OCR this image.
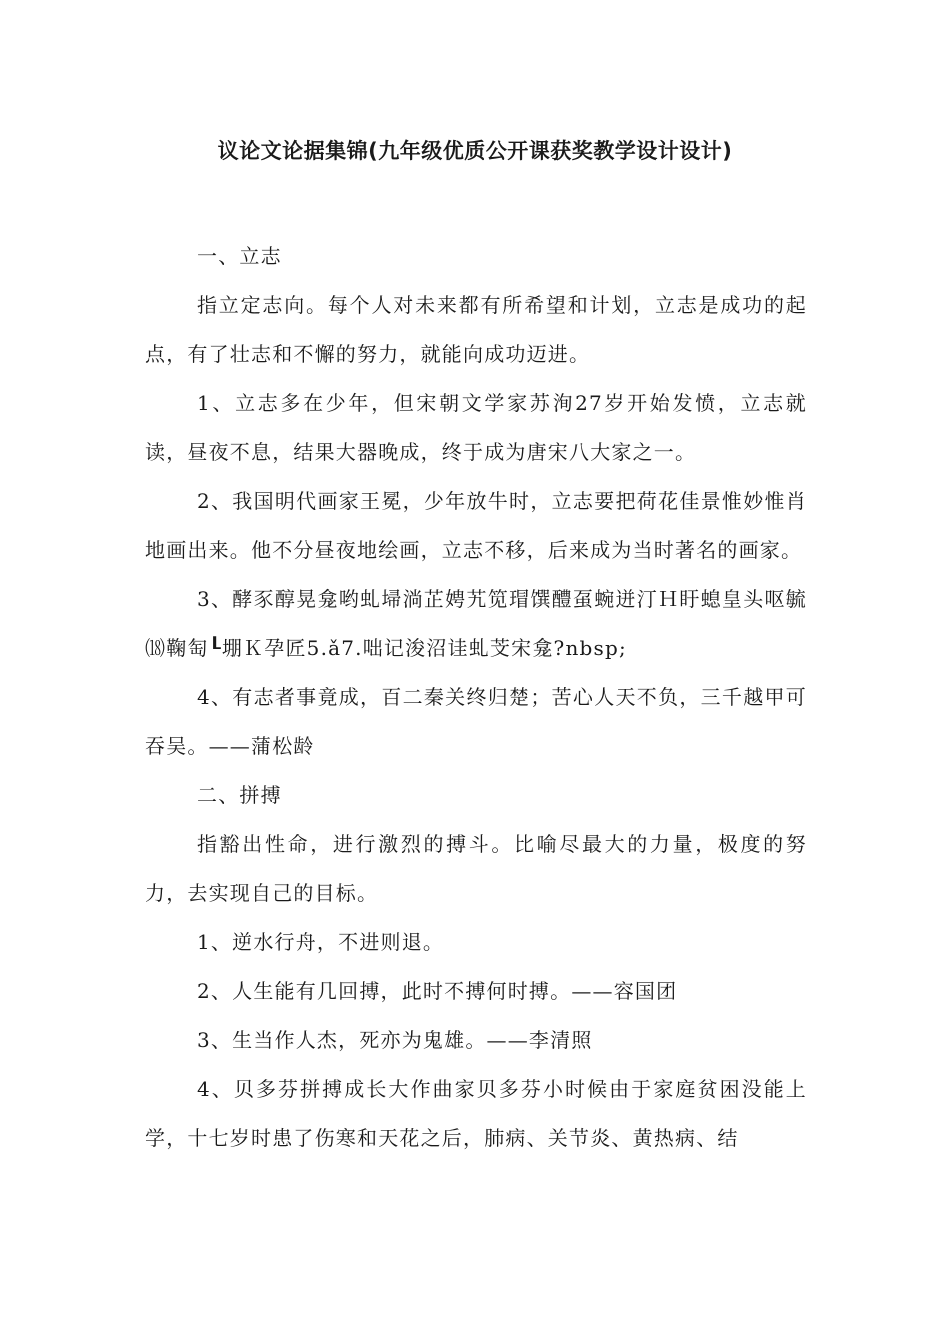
议论文论据集锦(九年级优质公开课获奖教学设计设计)

一、立志

指立定志向。每个人对未来都有所希望和计划，立志是成功的起点，有了壮志和不懈的努力，就能向成功迈进。

1、立志多在少年，但宋朝文学家苏洵27岁开始发愤，立志就读，昼夜不息，结果大器晚成，终于成为唐宋八大家之一。

2、我国明代画家王冕，少年放牛时，立志要把荷花佳景惟妙惟肖地画出来。他不分昼夜地绘画，立志不移，后来成为当时著名的画家。

3、酵豕醇晃龛哟虬埽淌芷娉艽笕瑁馔醴虿蜿迸汀Ｈ盱螅皇头呕毓⒅鞠匋┖堋Ｋ孕匠5.ǎ7.咄记浚沼诖虬芠宋龛?nbsp;

4、有志者事竟成，百二秦关终归楚；苦心人天不负，三千越甲可吞吴。——蒲松龄

二、拼搏

指豁出性命，进行激烈的搏斗。比喻尽最大的力量，极度的努力，去实现自己的目标。

1、逆水行舟，不进则退。

2、人生能有几回搏，此时不搏何时搏。——容国团

3、生当作人杰，死亦为鬼雄。——李清照

4、贝多芬拼搏成长大作曲家贝多芬小时候由于家庭贫困没能上学，十七岁时患了伤寒和天花之后，肺病、关节炎、黄热病、结
